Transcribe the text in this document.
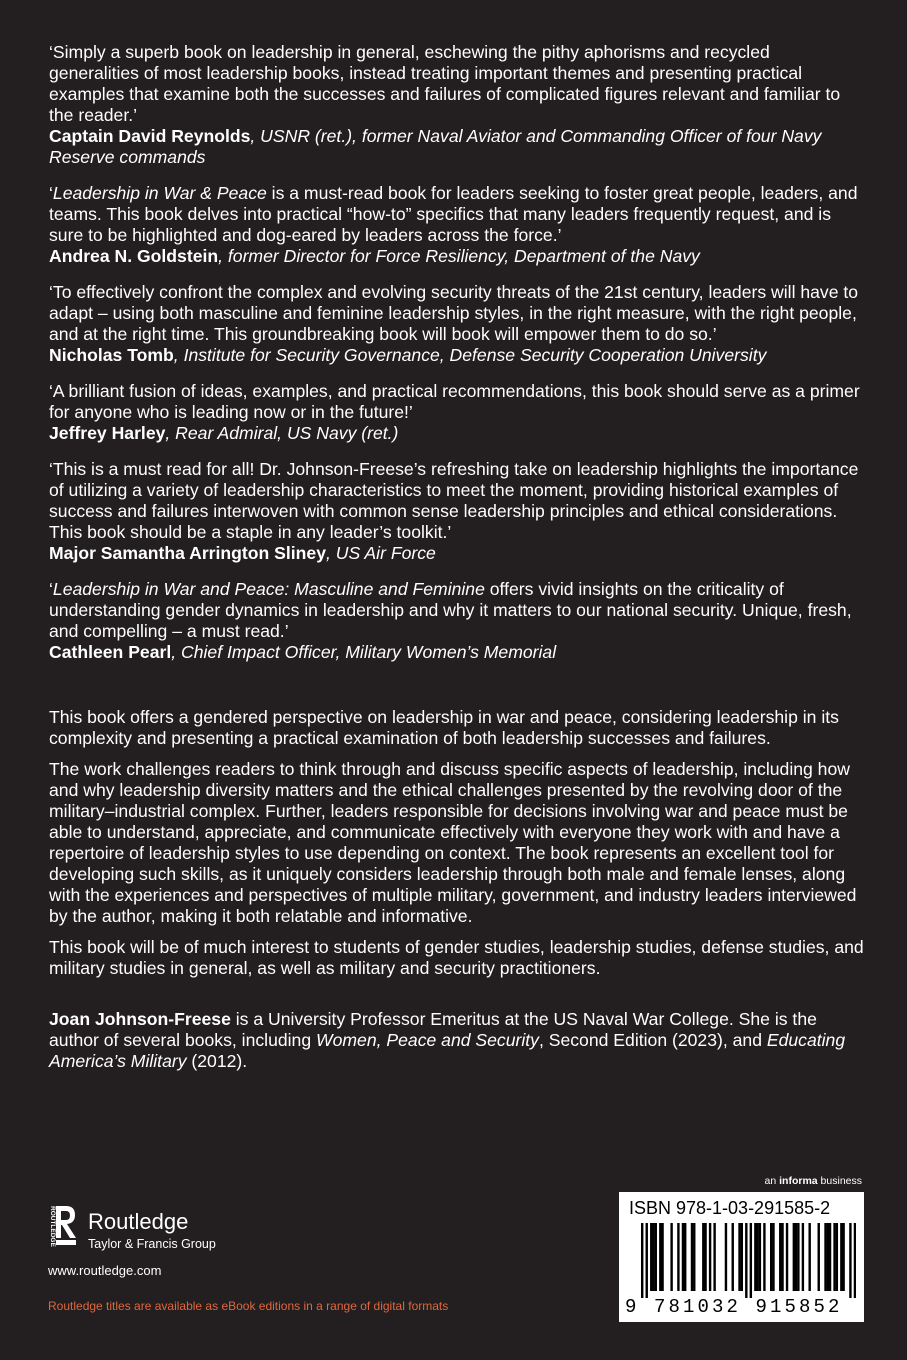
‘Simply a superb book on leadership in general, eschewing the pithy aphorisms and recycled generalities of most leadership books, instead treating important themes and presenting practical examples that examine both the successes and failures of complicated figures relevant and familiar to the reader.’

Captain David Reynolds, USNR (ret.), former Naval Aviator and Commanding Officer of four Navy Reserve commands

‘Leadership in War & Peace is a must-read book for leaders seeking to foster great people, leaders, and teams. This book delves into practical “how-to” specifics that many leaders frequently request, and is sure to be highlighted and dog-eared by leaders across the force.’

Andrea N. Goldstein, former Director for Force Resiliency, Department of the Navy

‘To effectively confront the complex and evolving security threats of the 21st century, leaders will have to adapt – using both masculine and feminine leadership styles, in the right measure, with the right people, and at the right time. This groundbreaking book will book will empower them to do so.’

Nicholas Tomb, Institute for Security Governance, Defense Security Cooperation University

‘A brilliant fusion of ideas, examples, and practical recommendations, this book should serve as a primer for anyone who is leading now or in the future!’

Jeffrey Harley, Rear Admiral, US Navy (ret.)

‘This is a must read for all! Dr. Johnson-Freese’s refreshing take on leadership highlights the importance of utilizing a variety of leadership characteristics to meet the moment, providing historical examples of success and failures interwoven with common sense leadership principles and ethical considerations. This book should be a staple in any leader’s toolkit.’

Major Samantha Arrington Sliney, US Air Force

‘Leadership in War and Peace: Masculine and Feminine offers vivid insights on the criticality of understanding gender dynamics in leadership and why it matters to our national security. Unique, fresh, and compelling – a must read.’

Cathleen Pearl, Chief Impact Officer, Military Women’s Memorial

This book offers a gendered perspective on leadership in war and peace, considering leadership in its complexity and presenting a practical examination of both leadership successes and failures.

The work challenges readers to think through and discuss specific aspects of leadership, including how and why leadership diversity matters and the ethical challenges presented by the revolving door of the military–industrial complex. Further, leaders responsible for decisions involving war and peace must be able to understand, appreciate, and communicate effectively with everyone they work with and have a repertoire of leadership styles to use depending on context. The book represents an excellent tool for developing such skills, as it uniquely considers leadership through both male and female lenses, along with the experiences and perspectives of multiple military, government, and industry leaders interviewed by the author, making it both relatable and informative.

This book will be of much interest to students of gender studies, leadership studies, defense studies, and military studies in general, as well as military and security practitioners.

Joan Johnson-Freese is a University Professor Emeritus at the US Naval War College. She is the author of several books, including Women, Peace and Security, Second Edition (2023), and Educating America’s Military (2012).

an informa business
ROUTLEDGE Routledge
Taylor & Francis Group
www.routledge.com
Routledge titles are available as eBook editions in a range of digital formats
ISBN 978-1-03-291585-2
9 781032 915852
